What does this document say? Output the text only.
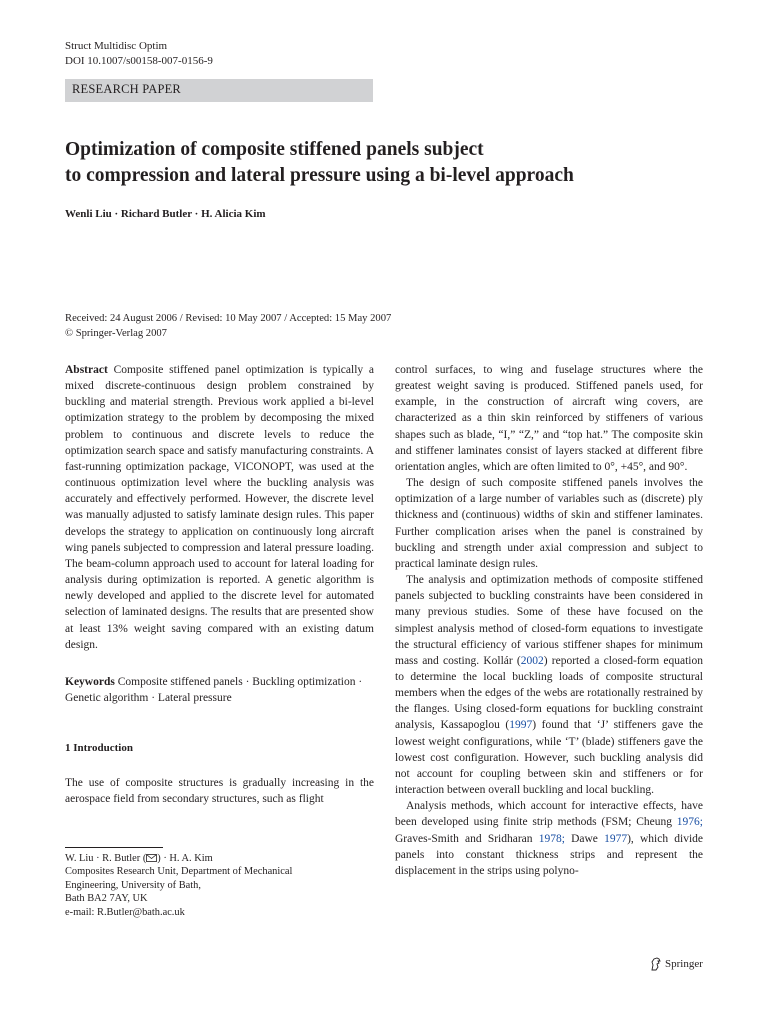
Struct Multidisc Optim
DOI 10.1007/s00158-007-0156-9
RESEARCH PAPER
Optimization of composite stiffened panels subject
to compression and lateral pressure using a bi-level approach
Wenli Liu · Richard Butler · H. Alicia Kim
Received: 24 August 2006 / Revised: 10 May 2007 / Accepted: 15 May 2007
© Springer-Verlag 2007

Abstract Composite stiffened panel optimization is typically a mixed discrete-continuous design problem constrained by buckling and material strength. Previous work applied a bi-level optimization strategy to the problem by decomposing the mixed problem to continuous and discrete levels to reduce the optimization search space and satisfy manufacturing constraints. A fast-running optimization package, VICONOPT, was used at the continuous optimization level where the buckling analysis was accurately and effectively performed. However, the discrete level was manually adjusted to satisfy laminate design rules. This paper develops the strategy to application on continuously long aircraft wing panels subjected to compression and lateral pressure loading. The beam-column approach used to account for lateral loading for analysis during optimization is reported. A genetic algorithm is newly developed and applied to the discrete level for automated selection of laminated designs. The results that are presented show at least 13% weight saving compared with an existing datum design.

Keywords Composite stiffened panels · Buckling optimization · Genetic algorithm · Lateral pressure

1 Introduction

The use of composite structures is gradually increasing in the aerospace field from secondary structures, such as flight

W. Liu · R. Butler ( ) · H. A. Kim
Composites Research Unit, Department of Mechanical
Engineering, University of Bath,
Bath BA2 7AY, UK
e-mail: R.Butler@bath.ac.uk

control surfaces, to wing and fuselage structures where the greatest weight saving is produced. Stiffened panels used, for example, in the construction of aircraft wing covers, are characterized as a thin skin reinforced by stiffeners of various shapes such as blade, “I,” “Z,” and “top hat.” The composite skin and stiffener laminates consist of layers stacked at different fibre orientation angles, which are often limited to 0°, +45°, and 90°.

The design of such composite stiffened panels involves the optimization of a large number of variables such as (discrete) ply thickness and (continuous) widths of skin and stiffener laminates. Further complication arises when the panel is constrained by buckling and strength under axial compression and subject to practical laminate design rules.

The analysis and optimization methods of composite stiffened panels subjected to buckling constraints have been considered in many previous studies. Some of these have focused on the simplest analysis method of closed-form equations to investigate the structural efficiency of various stiffener shapes for minimum mass and costing. Kollár (2002) reported a closed-form equation to determine the local buckling loads of composite structural members when the edges of the webs are rotationally restrained by the flanges. Using closed-form equations for buckling constraint analysis, Kassapoglou (1997) found that ‘J’ stiffeners gave the lowest weight configurations, while ‘T’ (blade) stiffeners gave the lowest cost configuration. However, such buckling analysis did not account for coupling between skin and stiffeners or for interaction between overall buckling and local buckling.

Analysis methods, which account for interactive effects, have been developed using finite strip methods (FSM; Cheung 1976; Graves-Smith and Sridharan 1978; Dawe 1977), which divide panels into constant thickness strips and represent the displacement in the strips using polyno-

Springer
